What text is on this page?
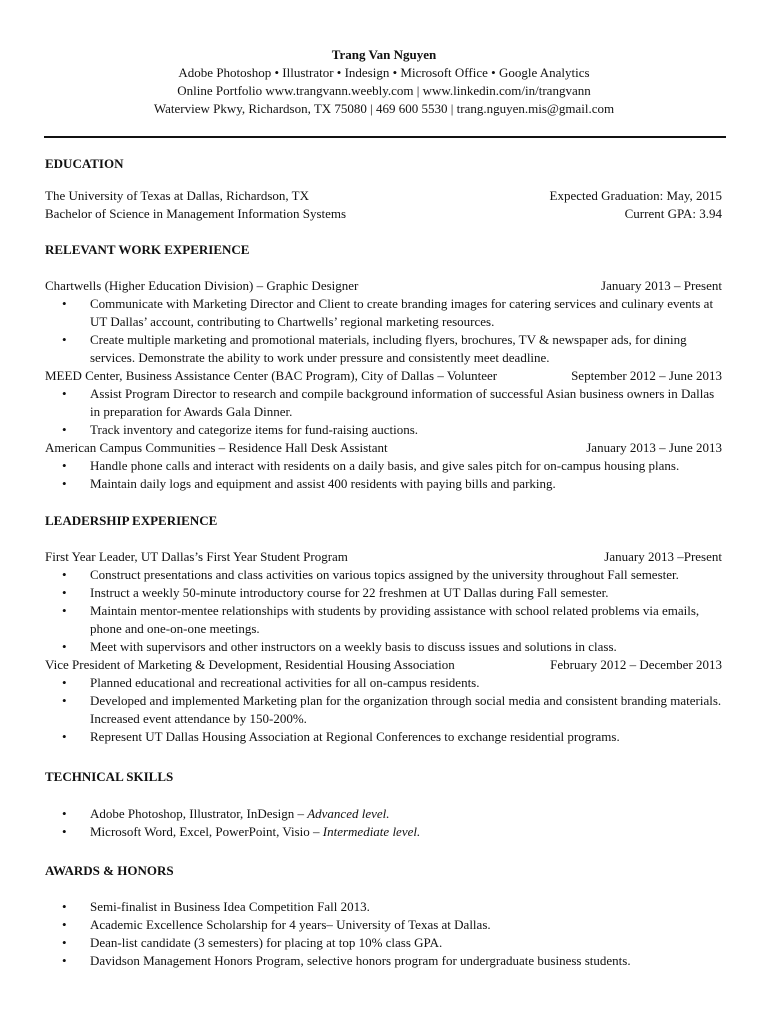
Trang Van Nguyen
Adobe Photoshop • Illustrator • Indesign • Microsoft Office • Google Analytics
Online Portfolio www.trangvann.weebly.com | www.linkedin.com/in/trangvann
Waterview Pkwy, Richardson, TX 75080 | 469 600 5530 | trang.nguyen.mis@gmail.com
EDUCATION
The University of Texas at Dallas, Richardson, TX	Expected Graduation: May, 2015
Bachelor of Science in Management Information Systems	Current GPA: 3.94
RELEVANT WORK EXPERIENCE
Chartwells (Higher Education Division) – Graphic Designer	January 2013 – Present
• Communicate with Marketing Director and Client to create branding images for catering services and culinary events at UT Dallas’ account, contributing to Chartwells’ regional marketing resources.
• Create multiple marketing and promotional materials, including flyers, brochures, TV & newspaper ads, for dining services. Demonstrate the ability to work under pressure and consistently meet deadline.
MEED Center, Business Assistance Center (BAC Program), City of Dallas – Volunteer	September 2012 – June 2013
• Assist Program Director to research and compile background information of successful Asian business owners in Dallas in preparation for Awards Gala Dinner.
• Track inventory and categorize items for fund-raising auctions.
American Campus Communities – Residence Hall Desk Assistant	January 2013 – June 2013
• Handle phone calls and interact with residents on a daily basis, and give sales pitch for on-campus housing plans.
• Maintain daily logs and equipment and assist 400 residents with paying bills and parking.
LEADERSHIP EXPERIENCE
First Year Leader, UT Dallas’s First Year Student Program	January 2013 –Present
• Construct presentations and class activities on various topics assigned by the university throughout Fall semester.
• Instruct a weekly 50-minute introductory course for 22 freshmen at UT Dallas during Fall semester.
• Maintain mentor-mentee relationships with students by providing assistance with school related problems via emails, phone and one-on-one meetings.
• Meet with supervisors and other instructors on a weekly basis to discuss issues and solutions in class.
Vice President of Marketing & Development, Residential Housing Association	February 2012 – December 2013
• Planned educational and recreational activities for all on-campus residents.
• Developed and implemented Marketing plan for the organization through social media and consistent branding materials. Increased event attendance by 150-200%.
• Represent UT Dallas Housing Association at Regional Conferences to exchange residential programs.
TECHNICAL SKILLS
• Adobe Photoshop, Illustrator, InDesign – Advanced level.
• Microsoft Word, Excel, PowerPoint, Visio – Intermediate level.
AWARDS & HONORS
• Semi-finalist in Business Idea Competition Fall 2013.
• Academic Excellence Scholarship for 4 years– University of Texas at Dallas.
• Dean-list candidate (3 semesters) for placing at top 10% class GPA.
• Davidson Management Honors Program, selective honors program for undergraduate business students.
